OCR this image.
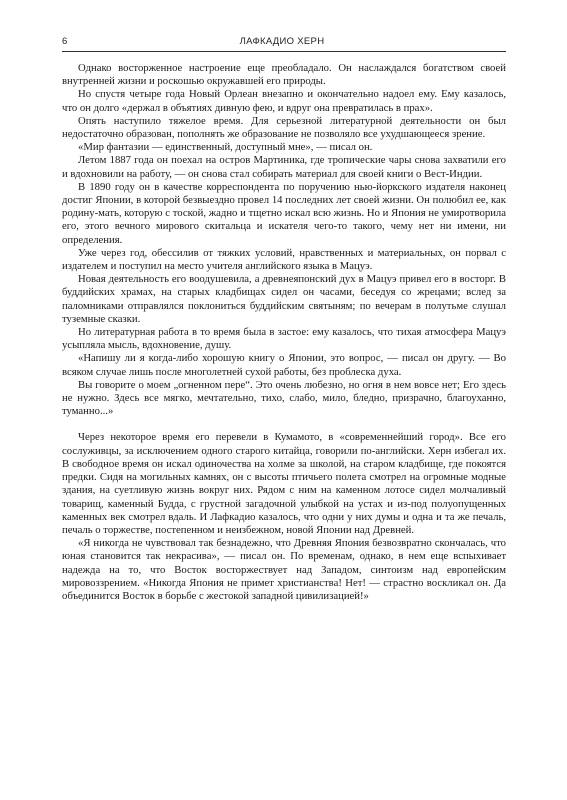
6	ЛАФКАДИО ХЕРН

Однако восторженное настроение еще преобладало. Он наслаждался богатством своей внутренней жизни и роскошью окружавшей его природы.

Но спустя четыре года Новый Орлеан внезапно и окончательно надоел ему. Ему казалось, что он долго «держал в объятиях дивную фею, и вдруг она превратилась в прах».

Опять наступило тяжелое время. Для серьезной литературной деятельности он был недостаточно образован, пополнять же образование не позволяло все ухудшающееся зрение.

«Мир фантазии — единственный, доступный мне», — писал он.

Летом 1887 года он поехал на остров Мартиника, где тропические чары снова захватили его и вдохновили на работу, — он снова стал собирать материал для своей книги о Вест-Индии.

В 1890 году он в качестве корреспондента по поручению нью-йоркского издателя наконец достиг Японии, в которой безвыездно провел 14 последних лет своей жизни. Он полюбил ее, как родину-мать, которую с тоской, жадно и тщетно искал всю жизнь. Но и Япония не умиротворила его, этого вечного мирового скитальца и искателя чего-то такого, чему нет ни имени, ни определения.

Уже через год, обессилив от тяжких условий, нравственных и материальных, он порвал с издателем и поступил на место учителя английского языка в Мацуэ.

Новая деятельность его воодушевила, а древнеяпонский дух в Мацуэ привел его в восторг. В буддийских храмах, на старых кладбищах сидел он часами, беседуя со жрецами; вслед за паломниками отправлялся поклониться буддийским святыням; по вечерам в полутьме слушал туземные сказки.

Но литературная работа в то время была в застое: ему казалось, что тихая атмосфера Мацуэ усыпляла мысль, вдохновение, душу.

«Напишу ли я когда-либо хорошую книгу о Японии, это вопрос, — писал он другу. — Во всяком случае лишь после многолетней сухой работы, без проблеска духа.

Вы говорите о моем „огненном пере“. Это очень любезно, но огня в нем вовсе нет; Его здесь не нужно. Здесь все мягко, мечтательно, тихо, слабо, мило, бледно, призрачно, благоуханно, туманно...»

Через некоторое время его перевели в Кумамото, в «современнейший город». Все его сослуживцы, за исключением одного старого китайца, говорили по-английски. Херн избегал их. В свободное время он искал одиночества на холме за школой, на старом кладбище, где покоятся предки. Сидя на могильных камнях, он с высоты птичьего полета смотрел на огромные модные здания, на суетливую жизнь вокруг них. Рядом с ним на каменном лотосе сидел молчаливый товарищ, каменный Будда, с грустной загадочной улыбкой на устах и из-под полуопущенных каменных век смотрел вдаль. И Лафкадио казалось, что одни у них думы и одна и та же печаль, печаль о торжестве, постепенном и неизбежном, новой Японии над Древней.

«Я никогда не чувствовал так безнадежно, что Древняя Япония безвозвратно скончалась, что юная становится так некрасива», — писал он. По временам, однако, в нем еще вспыхивает надежда на то, что Восток восторжествует над Западом, синтоизм над европейским мировоззрением. «Никогда Япония не примет христианства! Нет! — страстно воскликал он. Да объединится Восток в борьбе с жестокой западной цивилизацией!»
